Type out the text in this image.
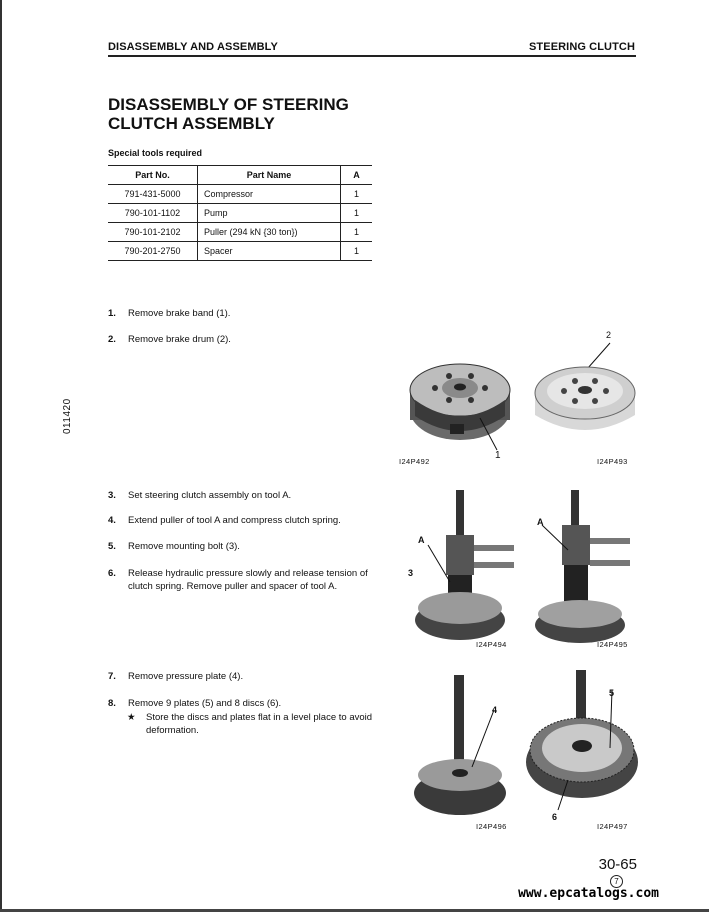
DISASSEMBLY AND ASSEMBLY	STEERING CLUTCH
DISASSEMBLY OF STEERING CLUTCH ASSEMBLY
Special tools required
Part No.	Part Name	A
791-431-5000	Compressor	1
790-101-1102	Pump	1
790-101-2102	Puller (294 kN {30 ton})	1
790-201-2750	Spacer	1
011420
1. Remove brake band (1).
2. Remove brake drum (2).
3. Set steering clutch assembly on tool A.
4. Extend puller of tool A and compress clutch spring.
5. Remove mounting bolt (3).
6. Release hydraulic pressure slowly and release tension of clutch spring. Remove puller and spacer of tool A.
7. Remove pressure plate (4).
8. Remove 9 plates (5) and 8 discs (6).
★ Store the discs and plates flat in a level place to avoid deformation.
I24P492
1
2
I24P493
A
3
I24P494
A
I24P495
4
I24P496
5
6
I24P497
30-65
7
www.epcatalogs.com
